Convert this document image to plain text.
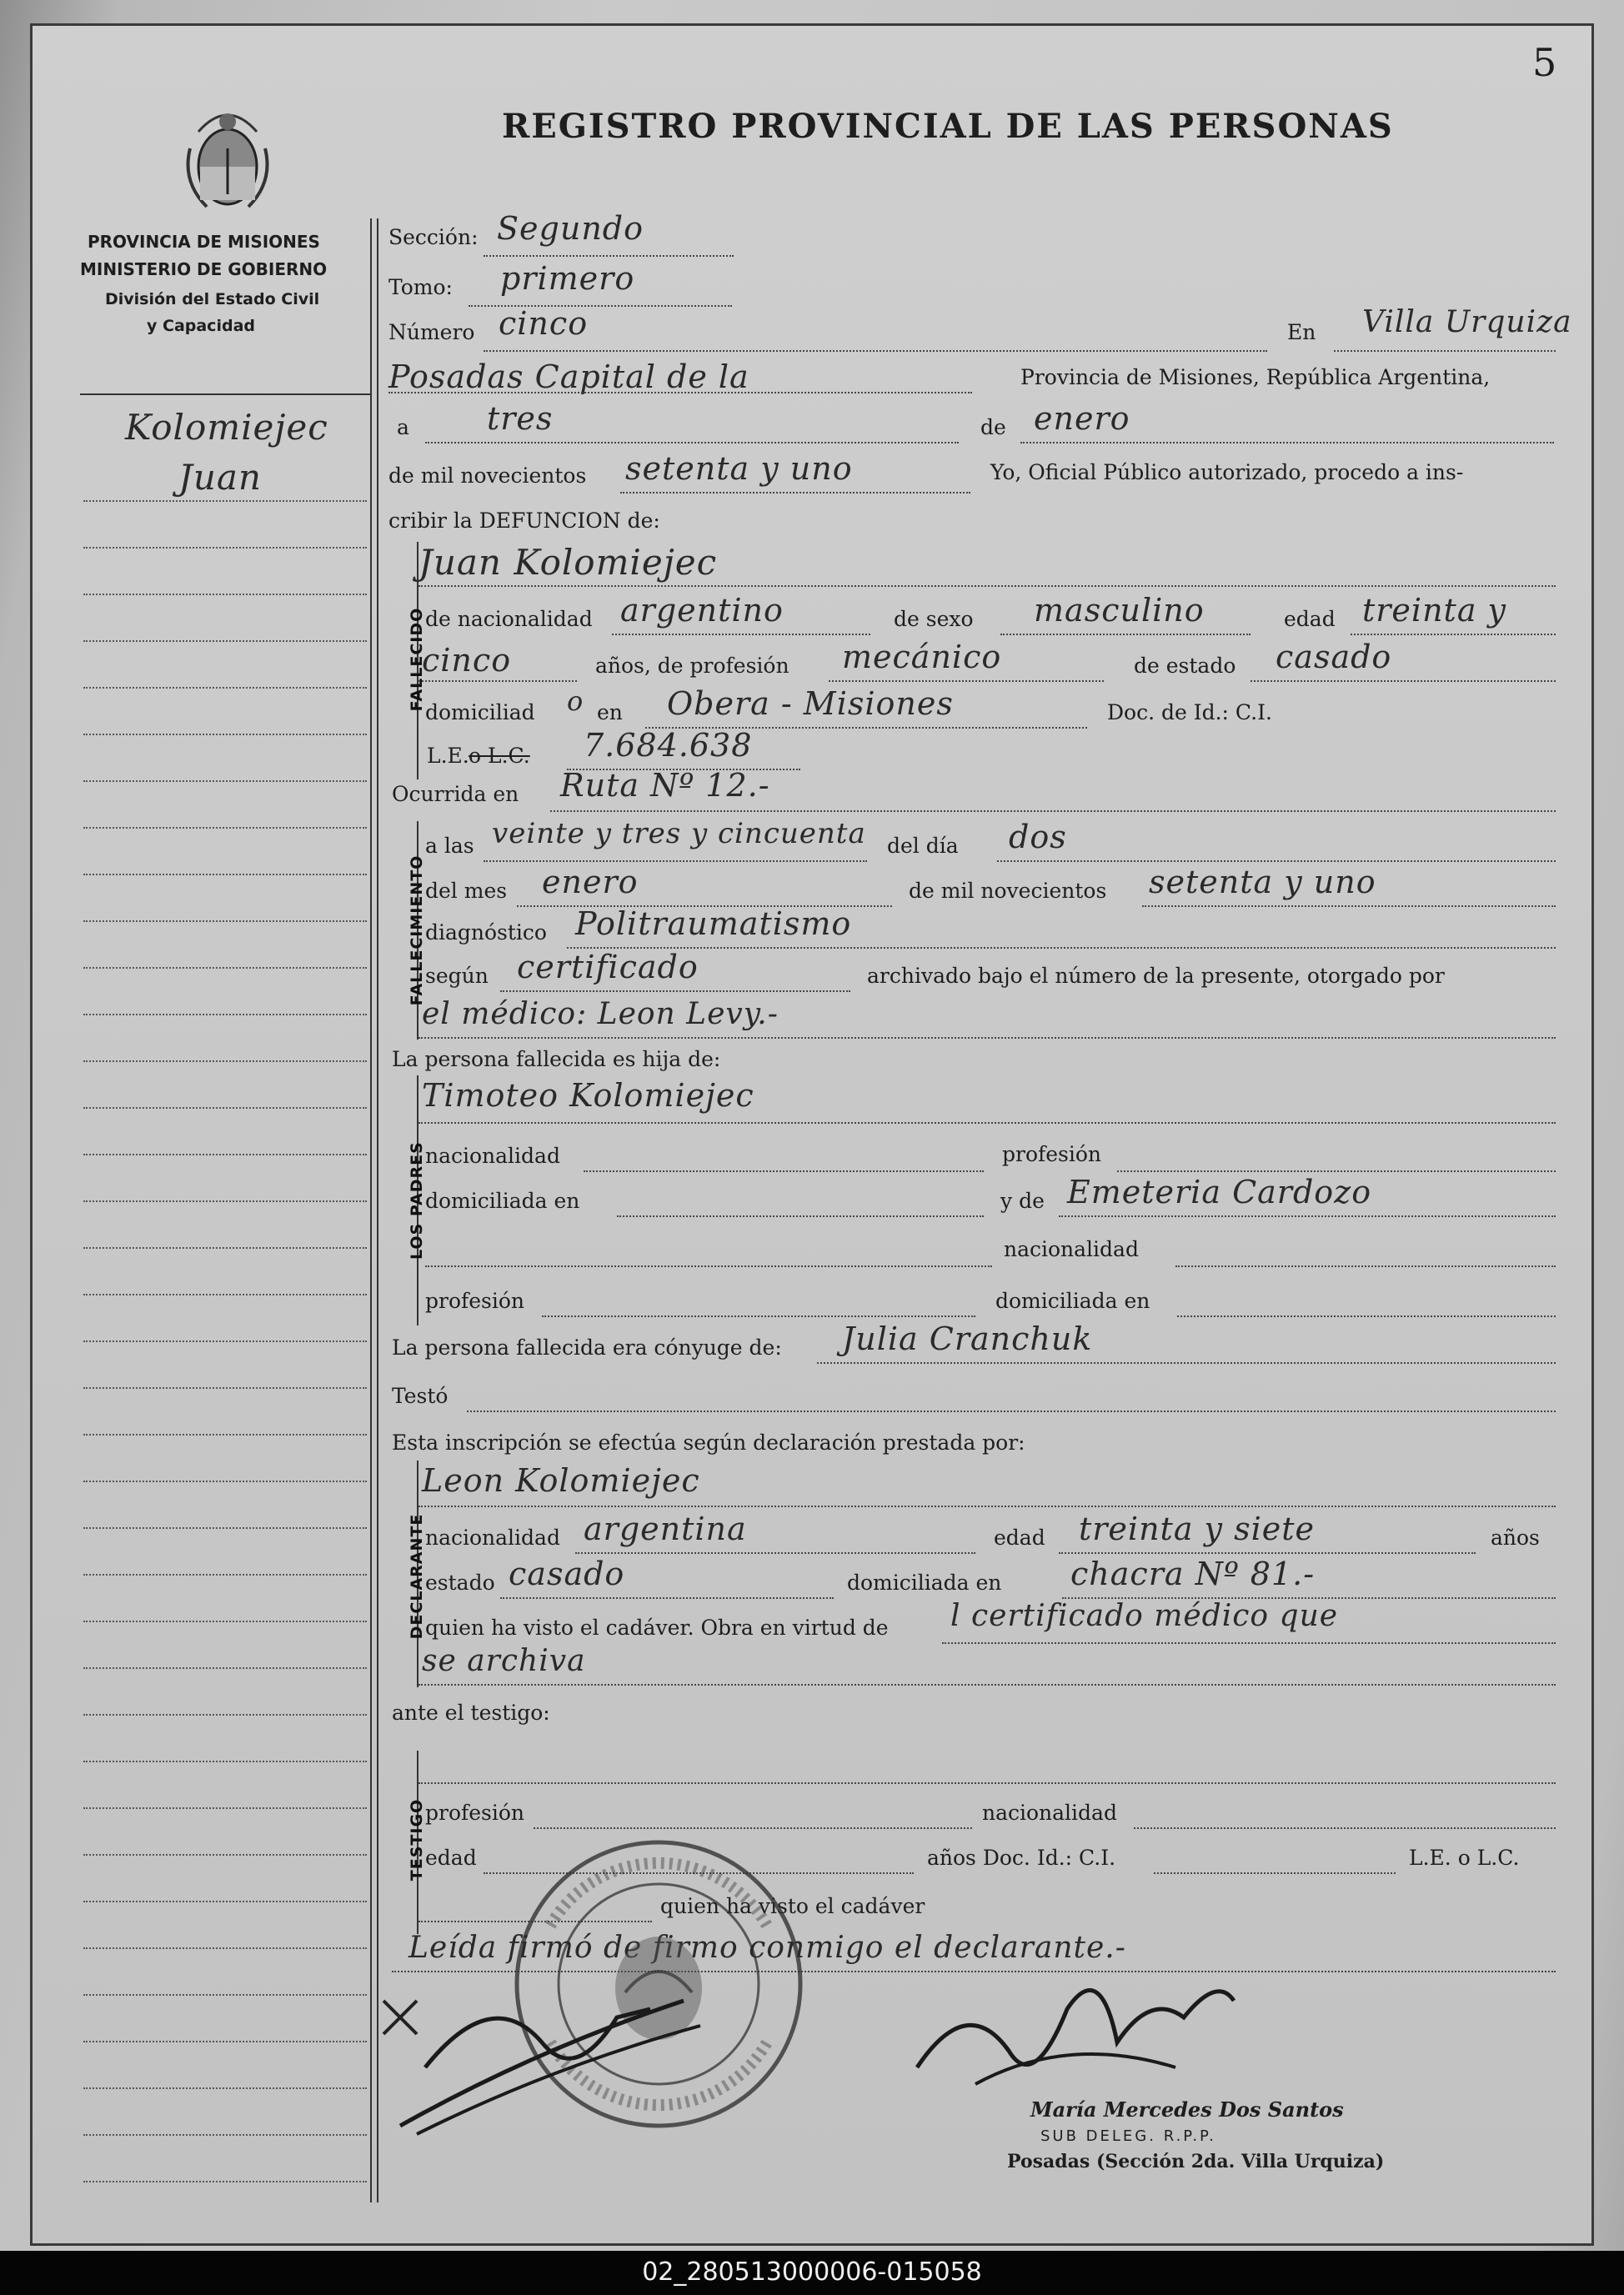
5
REGISTRO PROVINCIAL DE LAS PERSONAS
PROVINCIA DE MISIONES
MINISTERIO DE GOBIERNO
División del Estado Civil
y Capacidad
Kolomiejec
Juan
Sección: Segundo
Tomo: primero
Número cinco	En Villa Urquiza
Posadas Capital de la	Provincia de Misiones, República Argentina,
a tres	de enero
de mil novecientos setenta y uno	Yo, Oficial Público autorizado, procedo a ins-
cribir la DEFUNCION de:
FALLECIDO
Juan Kolomiejec
de nacionalidad argentino	de sexo masculino	edad treinta y
cinco	años, de profesión mecánico	de estado casado
domiciliad o en Obera - Misiones	Doc. de Id.: C.I.
L.E. o L.C. 7.684.638
Ocurrida en Ruta Nº 12.-
FALLECIMIENTO
a las veinte y tres y cincuenta del día dos
del mes enero	de mil novecientos setenta y uno
diagnóstico Politraumatismo
según certificado	archivado bajo el número de la presente, otorgado por
el médico: Leon Levy.-
La persona fallecida es hija de:
LOS PADRES
Timoteo Kolomiejec
nacionalidad	profesión
domiciliada en	y de Emeteria Cardozo
nacionalidad
profesión	domiciliada en
La persona fallecida era cónyuge de: Julia Cranchuk
Testó
Esta inscripción se efectúa según declaración prestada por:
DECLARANTE
Leon Kolomiejec
nacionalidad argentina	edad treinta y siete	años
estado casado	domiciliada en chacra Nº 81.-
quien ha visto el cadáver. Obra en virtud de l certificado médico que
se archiva
ante el testigo:
TESTIGO profesión	nacionalidad
edad	años Doc. Id.: C.I.	L.E. o L.C.
quien ha visto el cadáver
Leída firmó de firmo conmigo el declarante.-
María Mercedes Dos Santos
SUB DELEG. R.P.P.
Posadas (Sección 2da. Villa Urquiza)
02_280513000006-015058
